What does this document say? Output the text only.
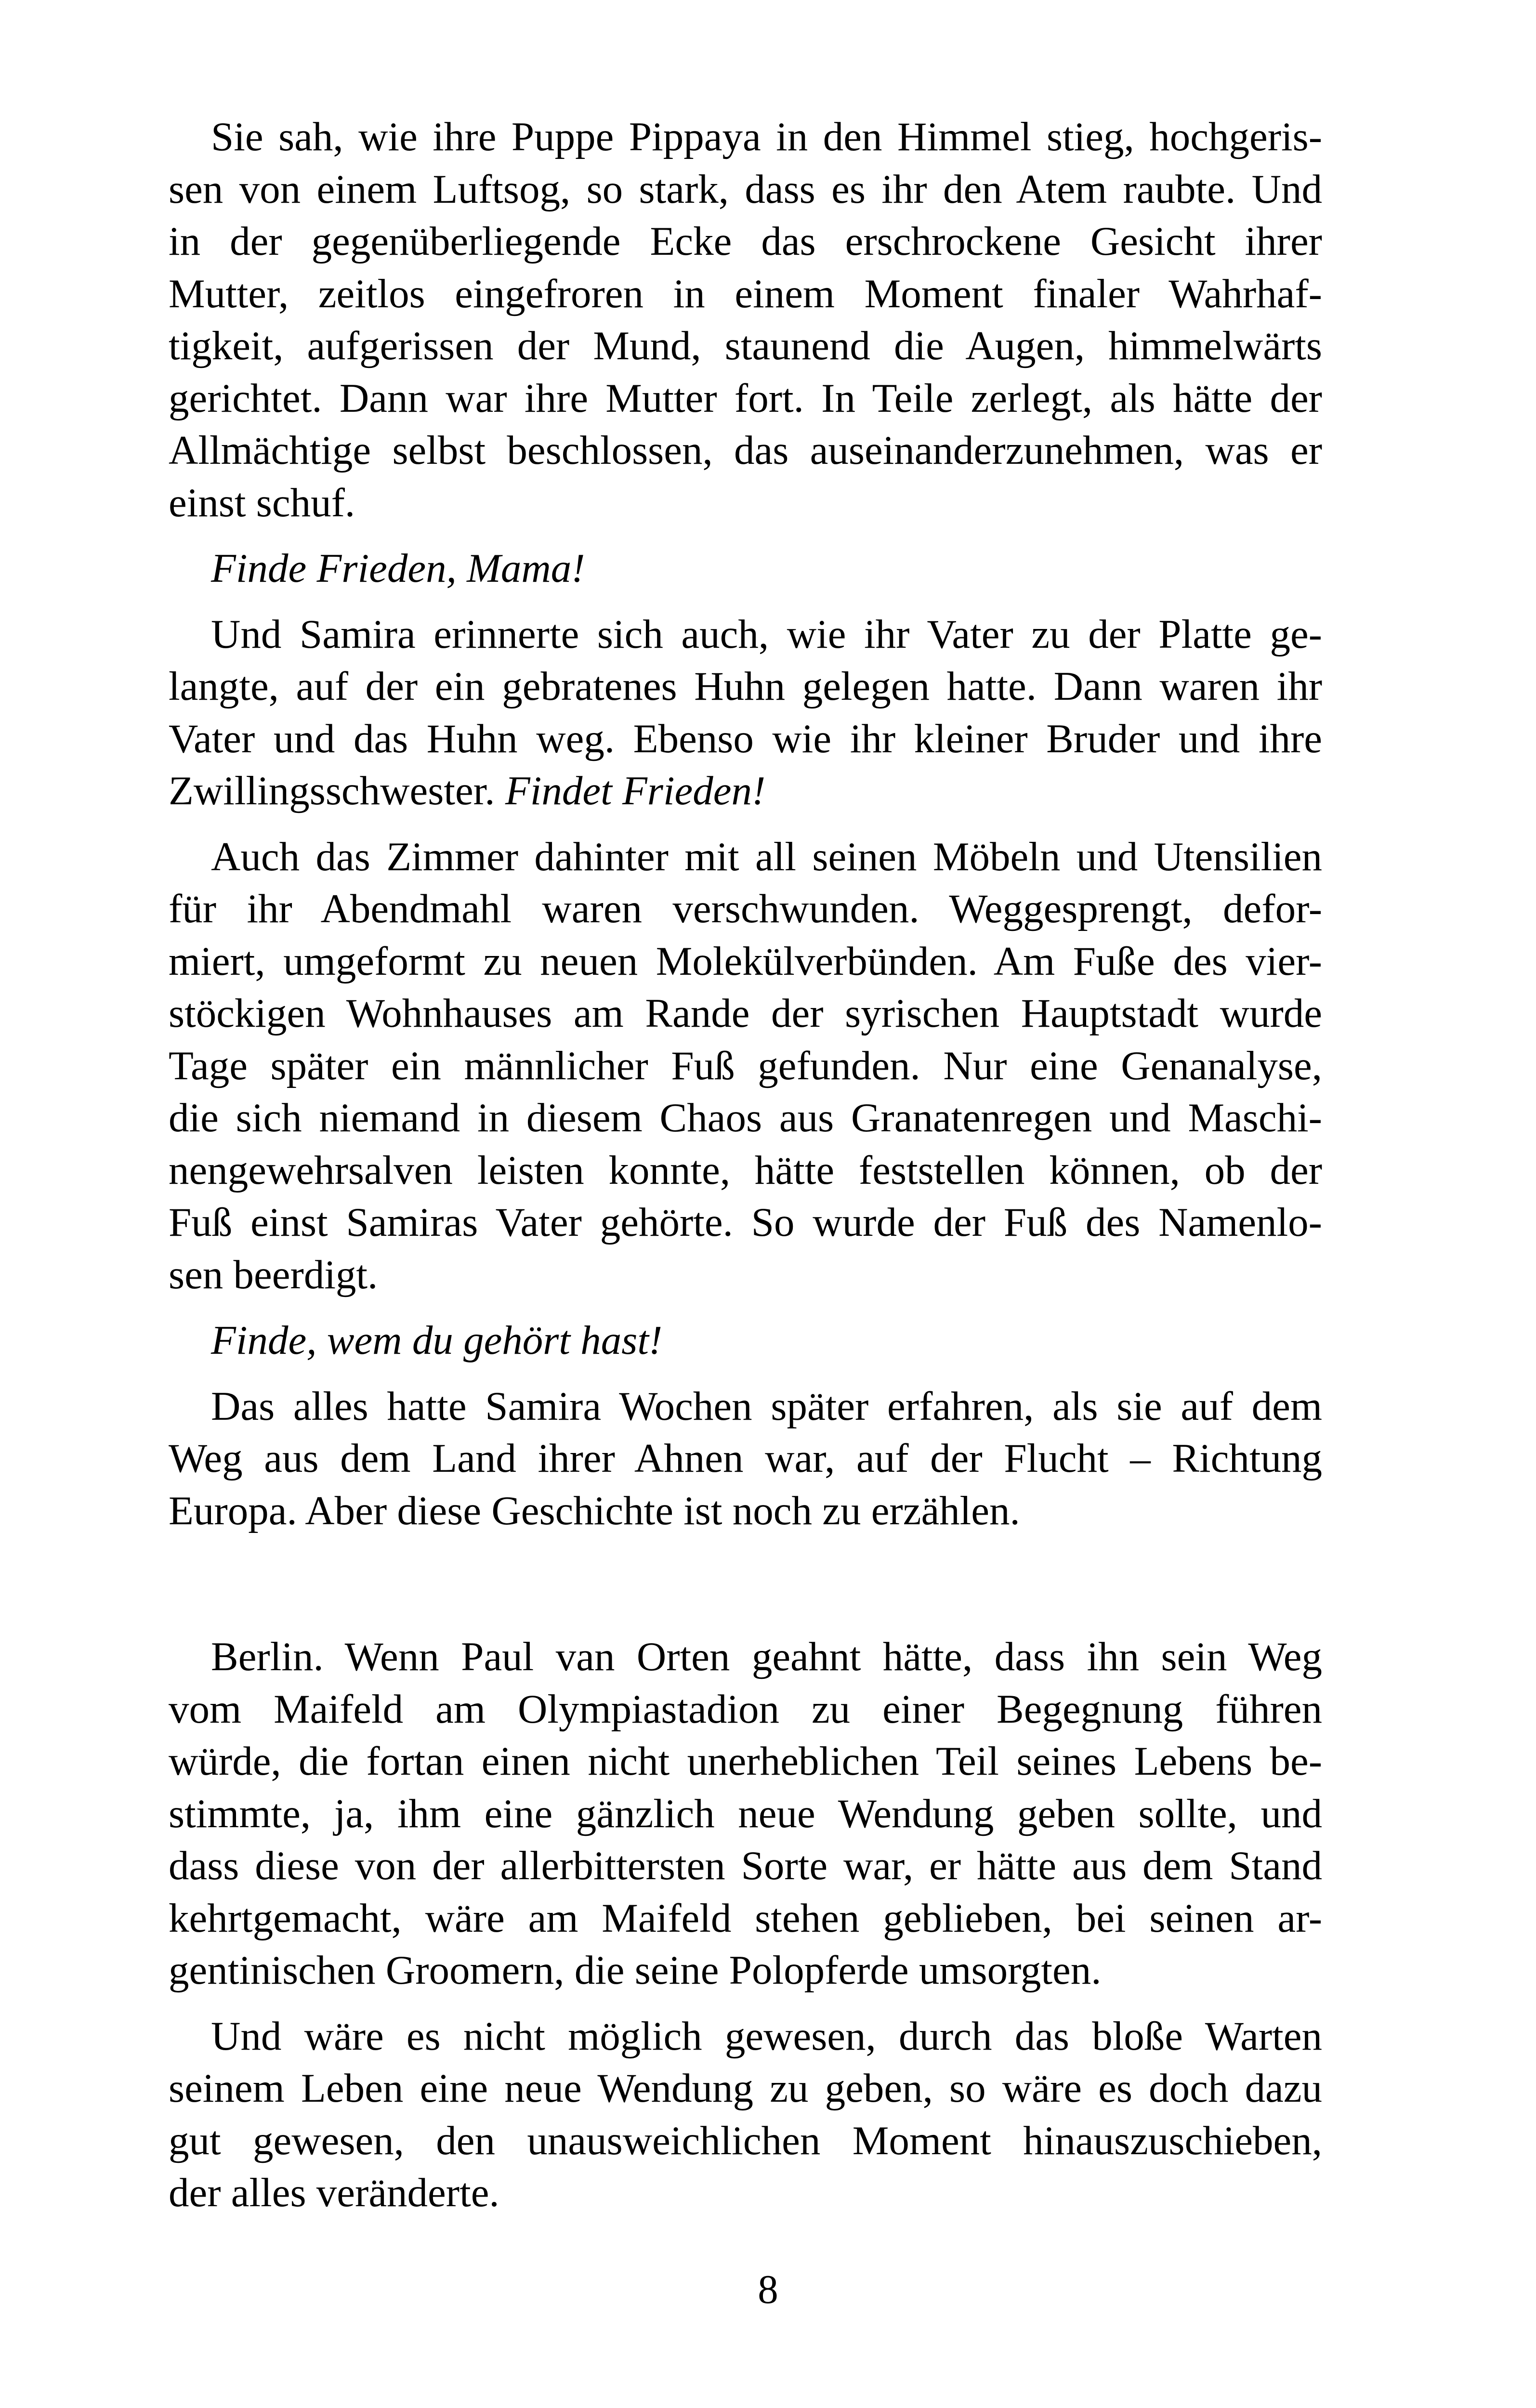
Sie sah, wie ihre Puppe Pippaya in den Himmel stieg, hochgeris-
sen von einem Luftsog, so stark, dass es ihr den Atem raubte. Und
in der gegenüberliegende Ecke das erschrockene Gesicht ihrer
Mutter, zeitlos eingefroren in einem Moment finaler Wahrhaf-
tigkeit, aufgerissen der Mund, staunend die Augen, himmelwärts
gerichtet. Dann war ihre Mutter fort. In Teile zerlegt, als hätte der
Allmächtige selbst beschlossen, das auseinanderzunehmen, was er
einst schuf.
Finde Frieden, Mama!
Und Samira erinnerte sich auch, wie ihr Vater zu der Platte ge-
langte, auf der ein gebratenes Huhn gelegen hatte. Dann waren ihr
Vater und das Huhn weg. Ebenso wie ihr kleiner Bruder und ihre
Zwillingsschwester. Findet Frieden!
Auch das Zimmer dahinter mit all seinen Möbeln und Utensilien
für ihr Abendmahl waren verschwunden. Weggesprengt, defor-
miert, umgeformt zu neuen Molekülverbünden. Am Fuße des vier-
stöckigen Wohnhauses am Rande der syrischen Hauptstadt wurde
Tage später ein männlicher Fuß gefunden. Nur eine Genanalyse,
die sich niemand in diesem Chaos aus Granatenregen und Maschi-
nengewehrsalven leisten konnte, hätte feststellen können, ob der
Fuß einst Samiras Vater gehörte. So wurde der Fuß des Namenlo-
sen beerdigt.
Finde, wem du gehört hast!
Das alles hatte Samira Wochen später erfahren, als sie auf dem
Weg aus dem Land ihrer Ahnen war, auf der Flucht – Richtung
Europa. Aber diese Geschichte ist noch zu erzählen.
Berlin. Wenn Paul van Orten geahnt hätte, dass ihn sein Weg
vom Maifeld am Olympiastadion zu einer Begegnung führen
würde, die fortan einen nicht unerheblichen Teil seines Lebens be-
stimmte, ja, ihm eine gänzlich neue Wendung geben sollte, und
dass diese von der allerbittersten Sorte war, er hätte aus dem Stand
kehrtgemacht, wäre am Maifeld stehen geblieben, bei seinen ar-
gentinischen Groomern, die seine Polopferde umsorgten.
Und wäre es nicht möglich gewesen, durch das bloße Warten
seinem Leben eine neue Wendung zu geben, so wäre es doch dazu
gut gewesen, den unausweichlichen Moment hinauszuschieben,
der alles veränderte.
8
